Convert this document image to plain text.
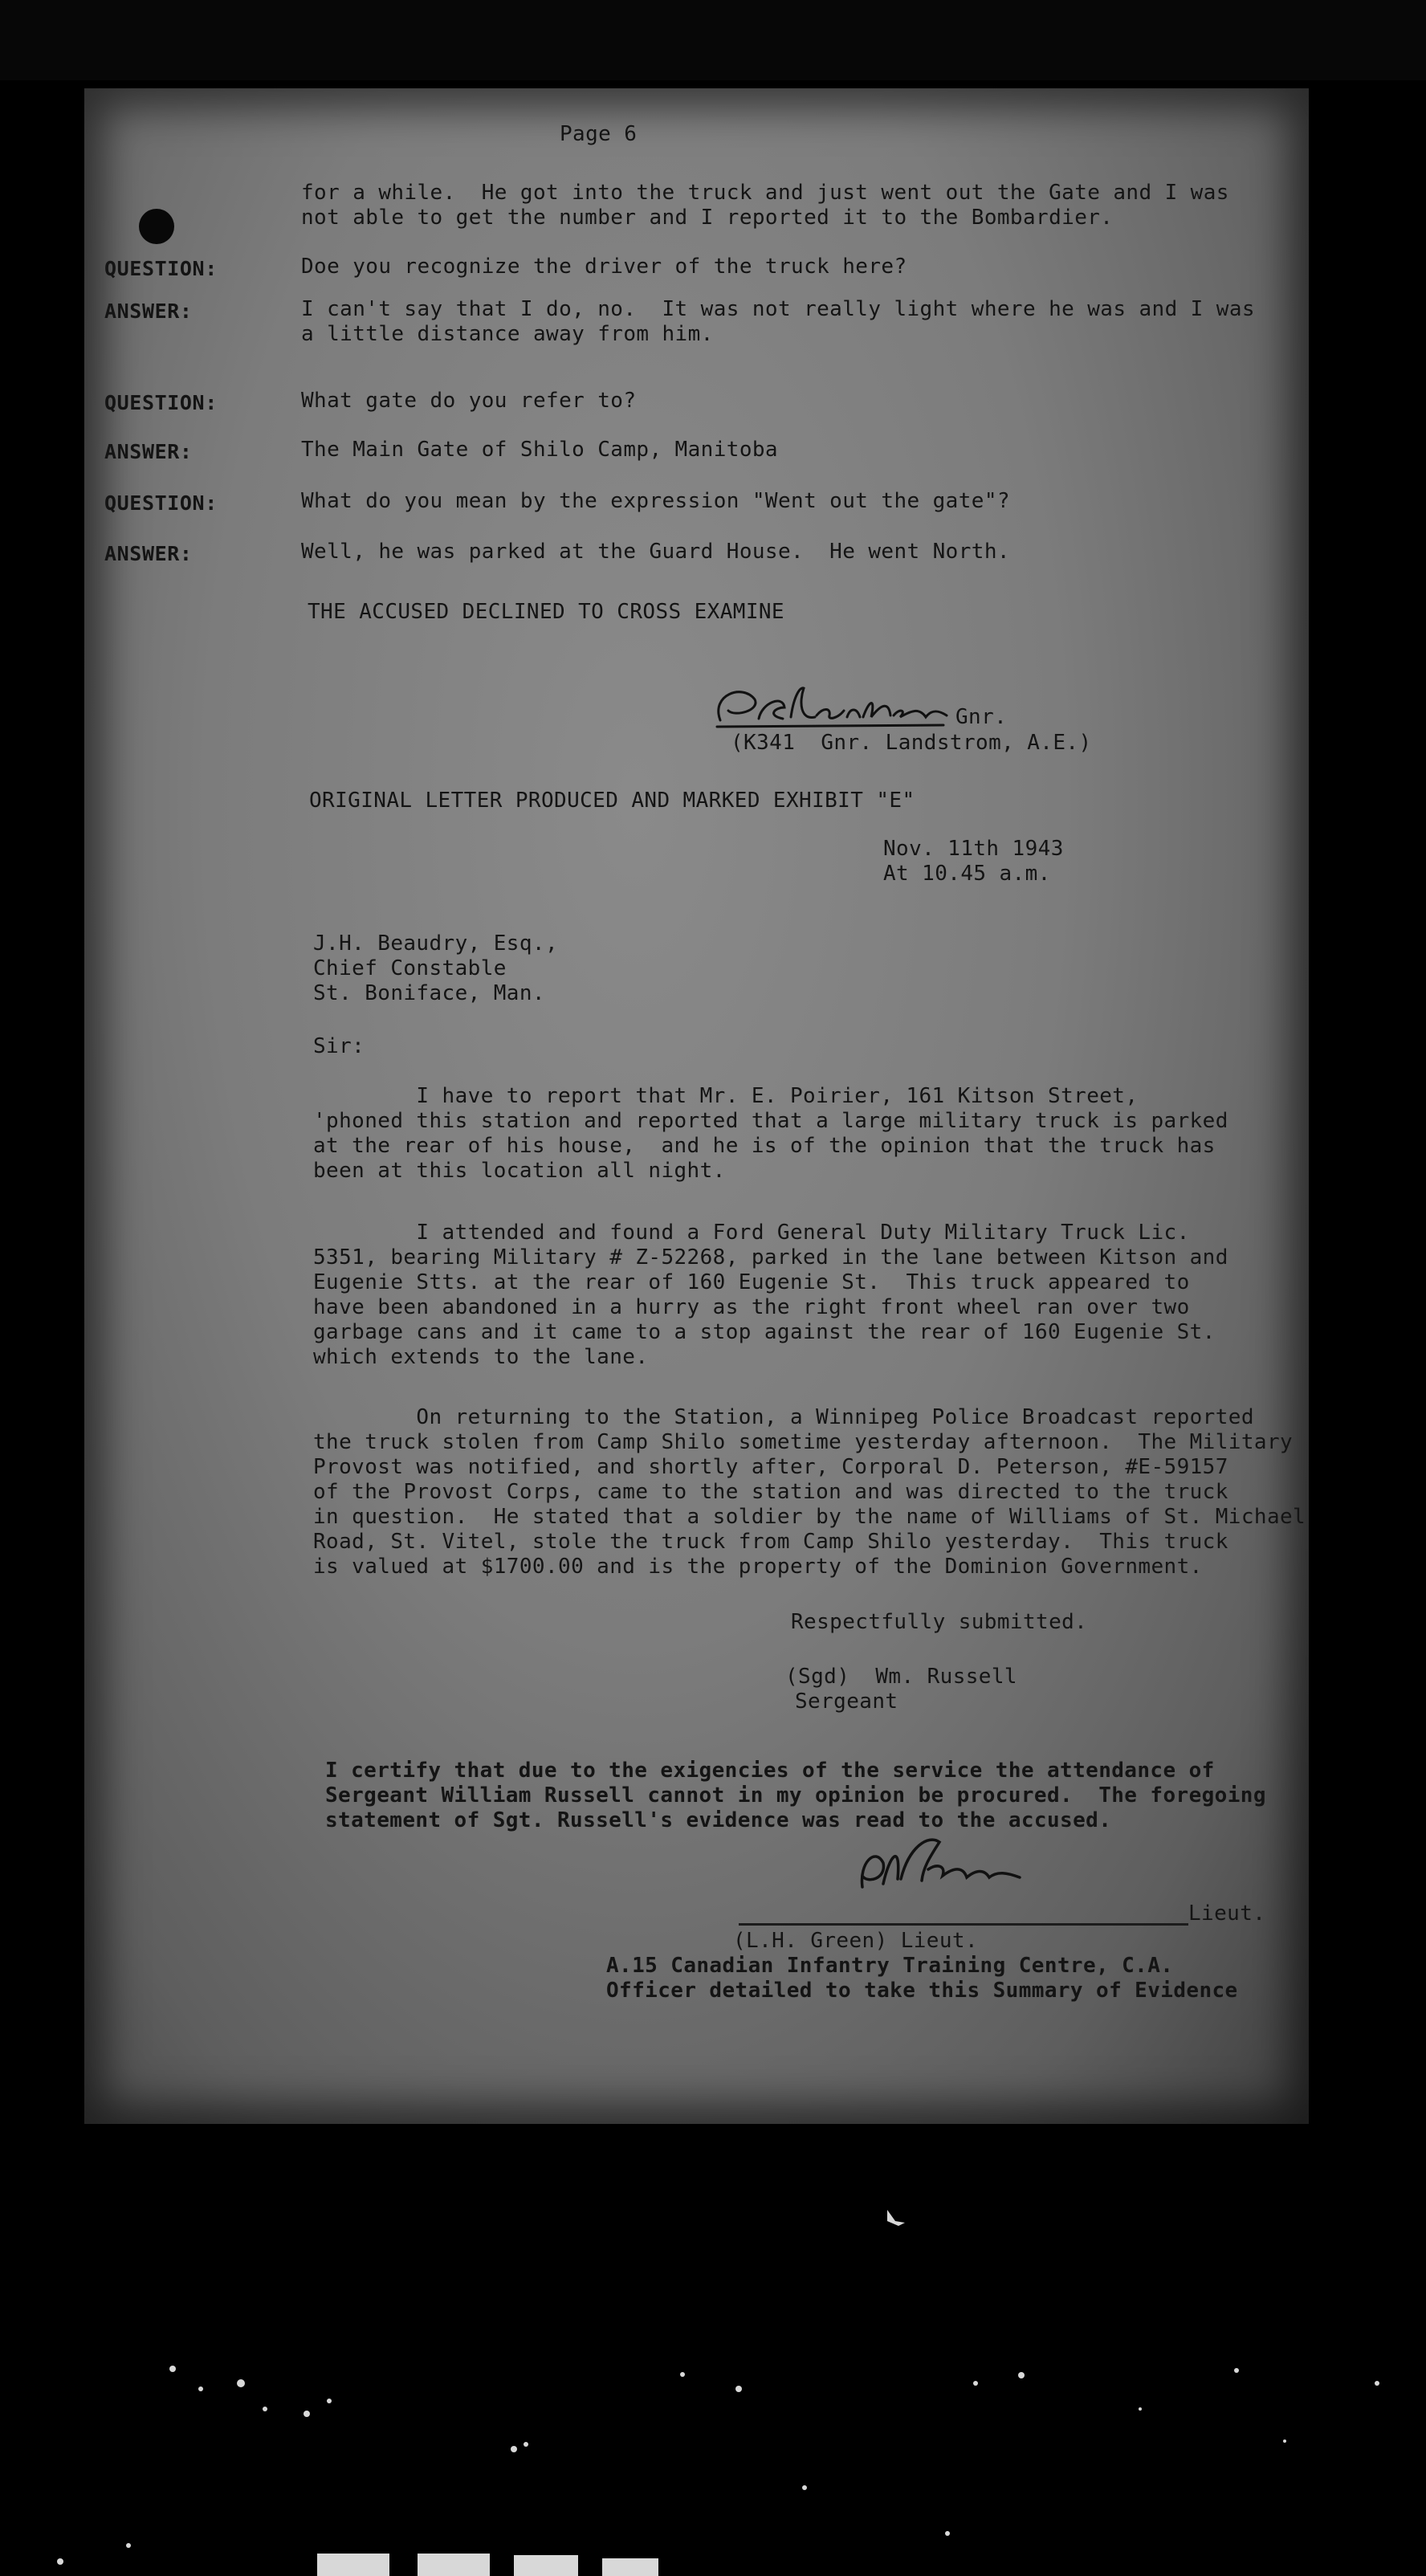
Page 6
for a while.  He got into the truck and just went out the Gate and I was
not able to get the number and I reported it to the Bombardier.
QUESTION:	Doe you recognize the driver of the truck here?
ANSWER:	I can't say that I do, no.  It was not really light where he was and I was
a little distance away from him.
QUESTION:	What gate do you refer to?
ANSWER:	The Main Gate of Shilo Camp, Manitoba
QUESTION:	What do you mean by the expression "Went out the gate"?
ANSWER:	Well, he was parked at the Guard House.  He went North.
THE ACCUSED DECLINED TO CROSS EXAMINE
Gnr.
(K341  Gnr. Landstrom, A.E.)
ORIGINAL LETTER PRODUCED AND MARKED EXHIBIT "E"
Nov. 11th 1943
At 10.45 a.m.
J.H. Beaudry, Esq.,
Chief Constable
St. Boniface, Man.
Sir:
I have to report that Mr. E. Poirier, 161 Kitson Street,
'phoned this station and reported that a large military truck is parked
at the rear of his house,  and he is of the opinion that the truck has
been at this location all night.
I attended and found a Ford General Duty Military Truck Lic.
5351, bearing Military # Z-52268, parked in the lane between Kitson and
Eugenie Stts. at the rear of 160 Eugenie St.  This truck appeared to
have been abandoned in a hurry as the right front wheel ran over two
garbage cans and it came to a stop against the rear of 160 Eugenie St.
which extends to the lane.
On returning to the Station, a Winnipeg Police Broadcast reported
the truck stolen from Camp Shilo sometime yesterday afternoon.  The Military
Provost was notified, and shortly after, Corporal D. Peterson, #E-59157
of the Provost Corps, came to the station and was directed to the truck
in question.  He stated that a soldier by the name of Williams of St. Michael
Road, St. Vitel, stole the truck from Camp Shilo yesterday.  This truck
is valued at $1700.00 and is the property of the Dominion Government.
Respectfully submitted.
(Sgd)  Wm. Russell
Sergeant
I certify that due to the exigencies of the service the attendance of
Sergeant William Russell cannot in my opinion be procured.  The foregoing
statement of Sgt. Russell's evidence was read to the accused.
Lieut.
(L.H. Green) Lieut.
A.15 Canadian Infantry Training Centre, C.A.
Officer detailed to take this Summary of Evidence
